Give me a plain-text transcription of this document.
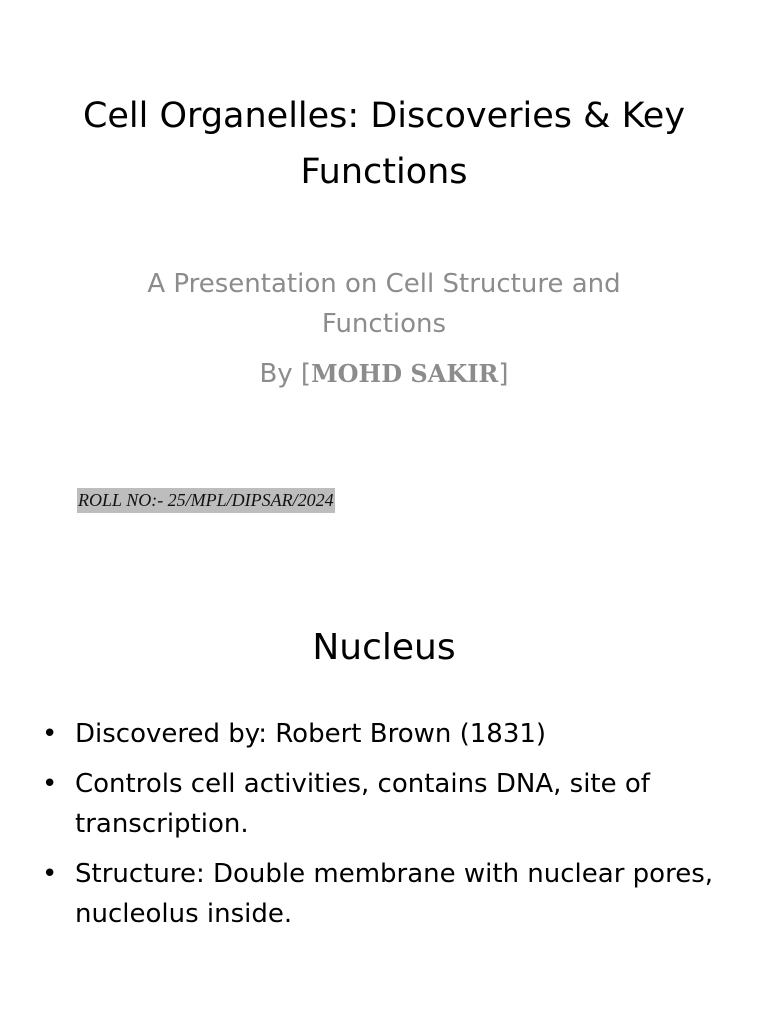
Cell Organelles: Discoveries & Key Functions
A Presentation on Cell Structure and Functions
By [MOHD SAKIR]
ROLL NO:- 25/MPL/DIPSAR/2024
Nucleus
• Discovered by: Robert Brown (1831)
• Controls cell activities, contains DNA, site of transcription.
• Structure: Double membrane with nuclear pores, nucleolus inside.
